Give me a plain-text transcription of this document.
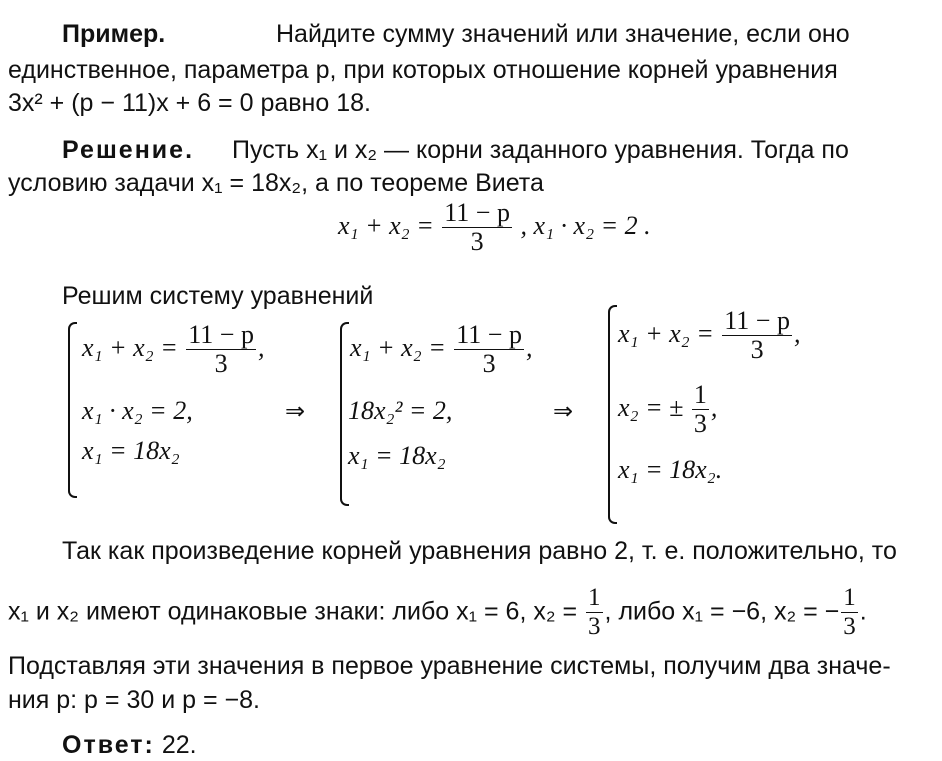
Пример.	Найдите сумму значений или значение, если оно
единственное, параметра p, при которых отношение корней уравнения
3x² + (p − 11)x + 6 = 0 равно 18.
Решение. Пусть x₁ и x₂ — корни заданного уравнения. Тогда по
условию задачи x₁ = 18x₂, а по теореме Виета
$x_1 + x_2 = \frac{11 - p}{3}$ , x₁ · x₂ = 2 .
Решим систему уравнений
$x_1 + x_2 = \frac{11 - p}{3}$ ,
x₁ · x₂ = 2,
x₁ = 18x₂
⇒
$x_1 + x_2 = \frac{11 - p}{3}$ ,
18x₂² = 2,
x₁ = 18x₂
⇒
$x_1 + x_2 = \frac{11 - p}{3}$ ,
x₂ = ± $\frac{1}{3}$ ,
x₁ = 18x₂.
Так как произведение корней уравнения равно 2, т. е. положительно, то
x₁ и x₂ имеют одинаковые знаки: либо x₁ = 6, $x_2 = \frac{1}{3}$ , либо x₁ = −6, x₂ = − $\frac{1}{3}$ .
Подставляя эти значения в первое уравнение системы, получим два значе-
ния p: p = 30 и p = −8.
Ответ: 22.
